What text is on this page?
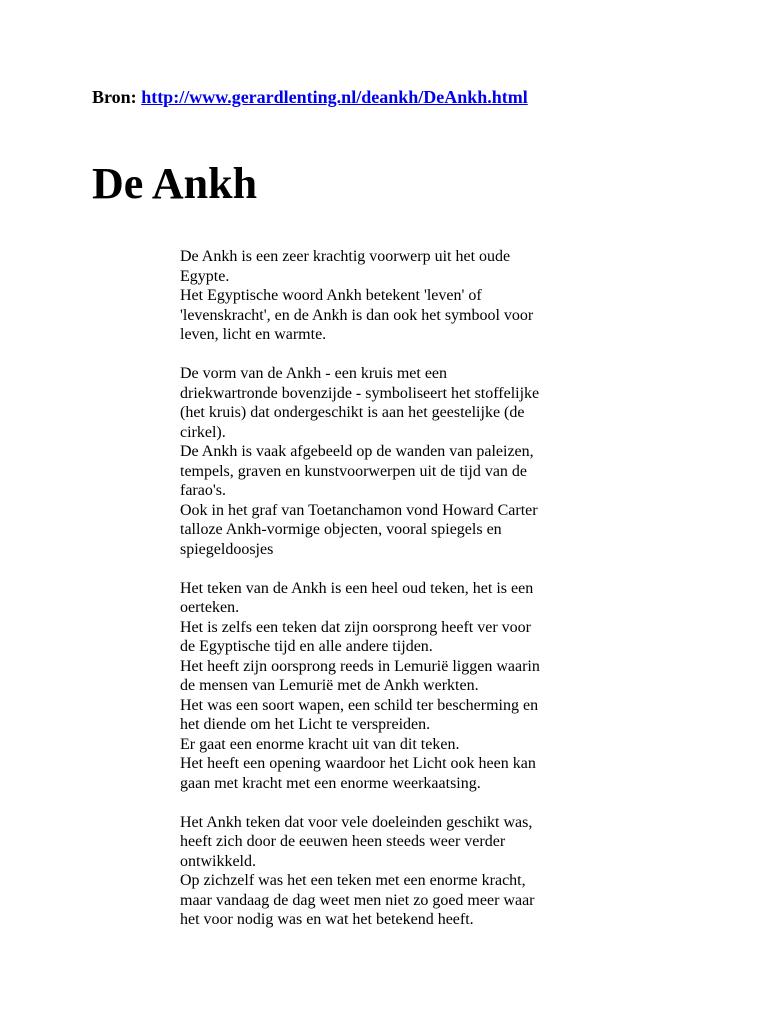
Bron: http://www.gerardlenting.nl/deankh/DeAnkh.html
De Ankh

De Ankh is een zeer krachtig voorwerp uit het oude
Egypte.
Het Egyptische woord Ankh betekent 'leven' of
'levenskracht', en de Ankh is dan ook het symbool voor
leven, licht en warmte.

De vorm van de Ankh - een kruis met een
driekwartronde bovenzijde - symboliseert het stoffelijke
(het kruis) dat ondergeschikt is aan het geestelijke (de
cirkel).
De Ankh is vaak afgebeeld op de wanden van paleizen,
tempels, graven en kunstvoorwerpen uit de tijd van de
farao's.
Ook in het graf van Toetanchamon vond Howard Carter
talloze Ankh-vormige objecten, vooral spiegels en
spiegeldoosjes

Het teken van de Ankh is een heel oud teken, het is een
oerteken.
Het is zelfs een teken dat zijn oorsprong heeft ver voor
de Egyptische tijd en alle andere tijden.
Het heeft zijn oorsprong reeds in Lemurië liggen waarin
de mensen van Lemurië met de Ankh werkten.
Het was een soort wapen, een schild ter bescherming en
het diende om het Licht te verspreiden.
Er gaat een enorme kracht uit van dit teken.
Het heeft een opening waardoor het Licht ook heen kan
gaan met kracht met een enorme weerkaatsing.

Het Ankh teken dat voor vele doeleinden geschikt was,
heeft zich door de eeuwen heen steeds weer verder
ontwikkeld.
Op zichzelf was het een teken met een enorme kracht,
maar vandaag de dag weet men niet zo goed meer waar
het voor nodig was en wat het betekend heeft.
